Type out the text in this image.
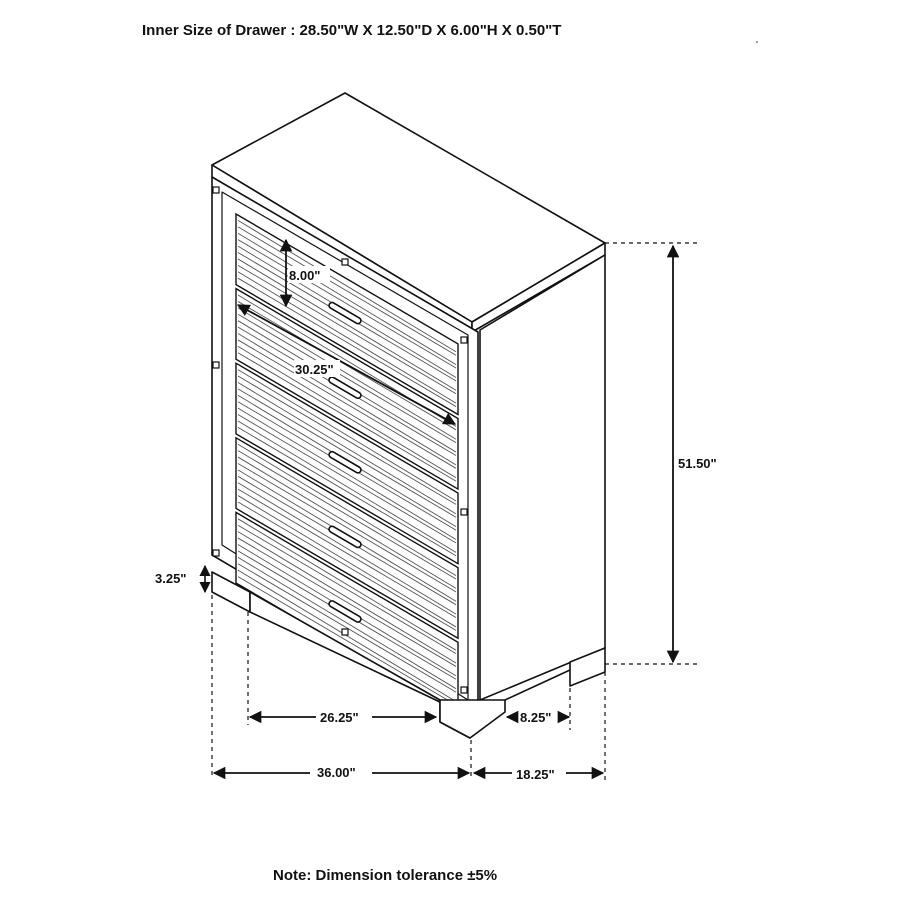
Inner Size of Drawer : 28.50"W X 12.50"D X 6.00"H X 0.50"T
'
8.00"
30.25"
51.50"
3.25"
26.25"	8.25"
36.00"	18.25"
Note: Dimension tolerance ±5%
